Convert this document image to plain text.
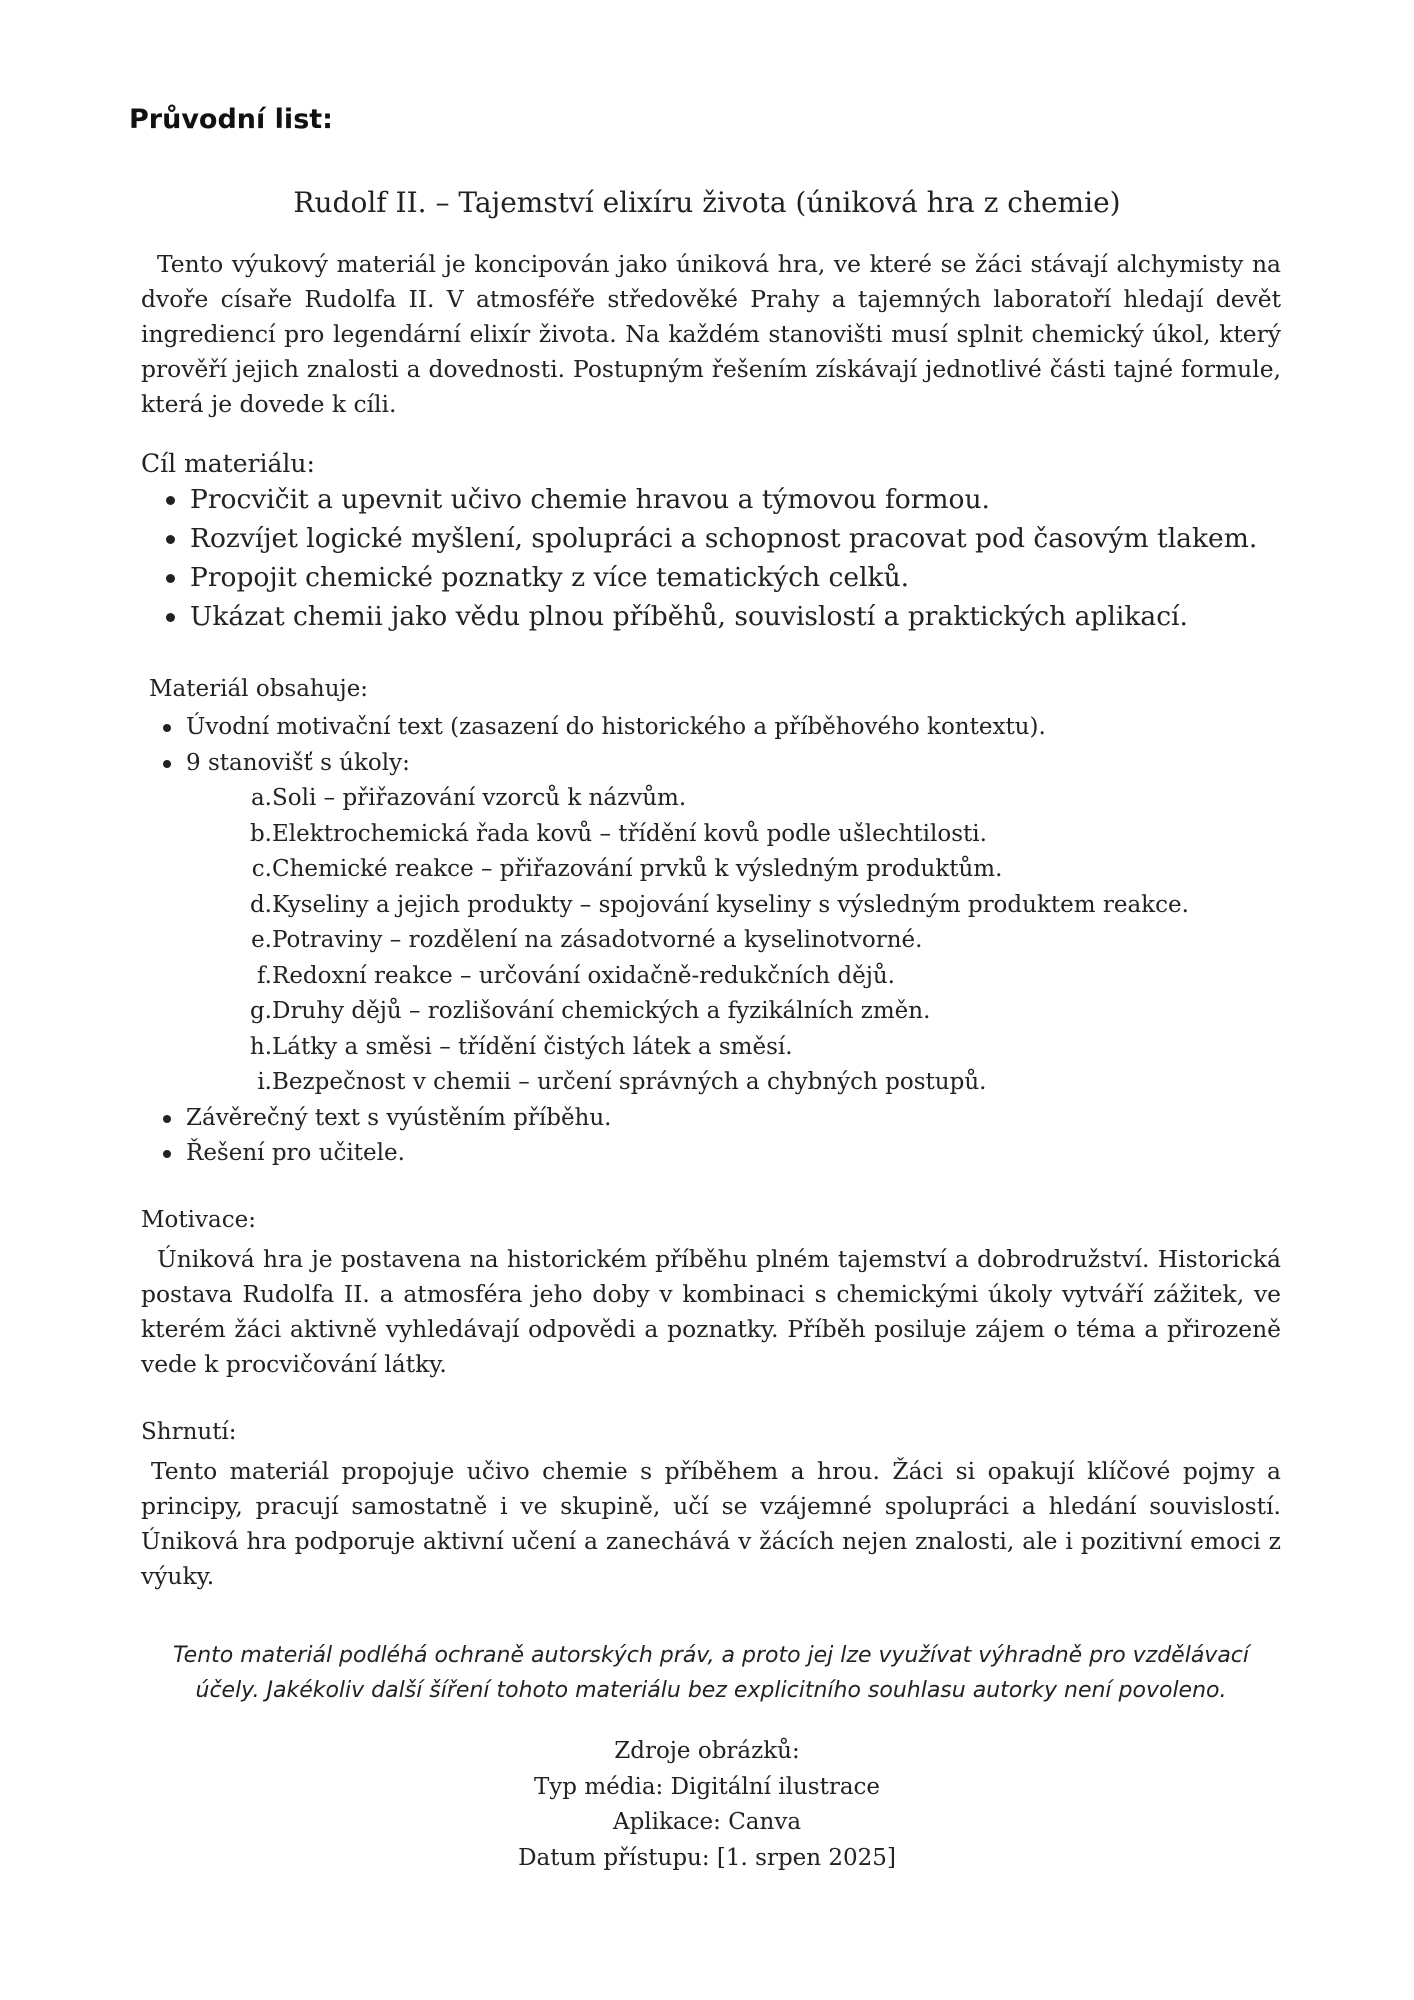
Průvodní list:
Rudolf II. – Tajemství elixíru života (úniková hra z chemie)

Tento výukový materiál je koncipován jako úniková hra, ve které se žáci stávají alchymisty na dvoře císaře Rudolfa II. V atmosféře středověké Prahy a tajemných laboratoří hledají devět ingrediencí pro legendární elixír života. Na každém stanovišti musí splnit chemický úkol, který prověří jejich znalosti a dovednosti. Postupným řešením získávají jednotlivé části tajné formule, která je dovede k cíli.

Cíl materiálu:
Procvičit a upevnit učivo chemie hravou a týmovou formou.
Rozvíjet logické myšlení, spolupráci a schopnost pracovat pod časovým tlakem.
Propojit chemické poznatky z více tematických celků.
Ukázat chemii jako vědu plnou příběhů, souvislostí a praktických aplikací.
Materiál obsahuje:
Úvodní motivační text (zasazení do historického a příběhového kontextu).
9 stanovišť s úkoly:
a. Soli – přiřazování vzorců k názvům.
b. Elektrochemická řada kovů – třídění kovů podle ušlechtilosti.
c. Chemické reakce – přiřazování prvků k výsledným produktům.
d. Kyseliny a jejich produkty – spojování kyseliny s výsledným produktem reakce.
e. Potraviny – rozdělení na zásadotvorné a kyselinotvorné.
f. Redoxní reakce – určování oxidačně-redukčních dějů.
g. Druhy dějů – rozlišování chemických a fyzikálních změn.
h. Látky a směsi – třídění čistých látek a směsí.
i. Bezpečnost v chemii – určení správných a chybných postupů.
Závěrečný text s vyústěním příběhu.
Řešení pro učitele.
Motivace:

Úniková hra je postavena na historickém příběhu plném tajemství a dobrodružství. Historická postava Rudolfa II. a atmosféra jeho doby v kombinaci s chemickými úkoly vytváří zážitek, ve kterém žáci aktivně vyhledávají odpovědi a poznatky. Příběh posiluje zájem o téma a přirozeně vede k procvičování látky.

Shrnutí:

Tento materiál propojuje učivo chemie s příběhem a hrou. Žáci si opakují klíčové pojmy a principy, pracují samostatně i ve skupině, učí se vzájemné spolupráci a hledání souvislostí. Úniková hra podporuje aktivní učení a zanechává v žácích nejen znalosti, ale i pozitivní emoci z výuky.

Tento materiál podléhá ochraně autorských práv, a proto jej lze využívat výhradně pro vzdělávací účely. Jakékoliv další šíření tohoto materiálu bez explicitního souhlasu autorky není povoleno.
Zdroje obrázků:
Typ média: Digitální ilustrace
Aplikace: Canva
Datum přístupu: [1. srpen 2025]
